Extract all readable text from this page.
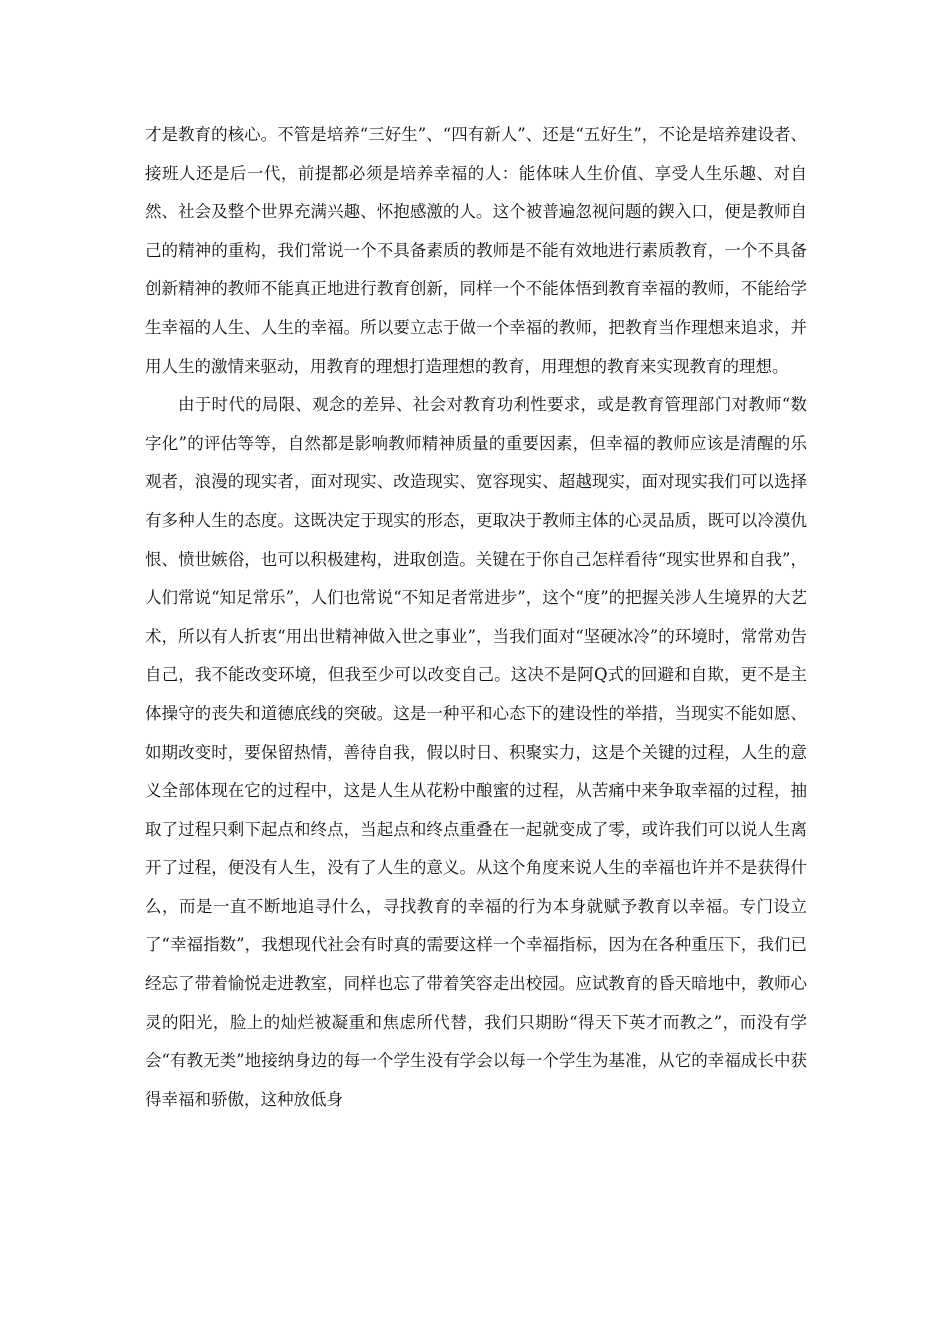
才是教育的核心。不管是培养“三好生”、“四有新人”、还是“五好生”，不论是培养建设者、接班人还是后一代，前提都必须是培养幸福的人：能体味人生价值、享受人生乐趣、对自然、社会及整个世界充满兴趣、怀抱感激的人。这个被普遍忽视问题的鍥入口，便是教师自己的精神的重构，我们常说一个不具备素质的教师是不能有效地进行素质教育，一个不具备创新精神的教师不能真正地进行教育创新，同样一个不能体悟到教育幸福的教师，不能给学生幸福的人生、人生的幸福。所以要立志于做一个幸福的教师，把教育当作理想来追求，并用人生的激情来驱动，用教育的理想打造理想的教育，用理想的教育来实现教育的理想。

由于时代的局限、观念的差异、社会对教育功利性要求，或是教育管理部门对教师“数字化”的评估等等，自然都是影响教师精神质量的重要因素，但幸福的教师应该是清醒的乐观者，浪漫的现实者，面对现实、改造现实、宽容现实、超越现实，面对现实我们可以选择有多种人生的态度。这既决定于现实的形态，更取决于教师主体的心灵品质，既可以冷漠仇恨、愤世嫉俗，也可以积极建构，进取创造。关键在于你自己怎样看待“现实世界和自我”，人们常说“知足常乐”，人们也常说“不知足者常进步”，这个“度”的把握关涉人生境界的大艺术，所以有人折衷“用出世精神做入世之事业”，当我们面对“坚硬冰冷”的环境时，常常劝告自己，我不能改变环境，但我至少可以改变自己。这决不是阿Q式的回避和自欺，更不是主体操守的丧失和道德底线的突破。这是一种平和心态下的建设性的举措，当现实不能如愿、如期改变时，要保留热情，善待自我，假以时日、积聚实力，这是个关键的过程，人生的意义全部体现在它的过程中，这是人生从花粉中酿蜜的过程，从苦痛中来争取幸福的过程，抽取了过程只剩下起点和终点，当起点和终点重叠在一起就变成了零，或许我们可以说人生离开了过程，便没有人生，没有了人生的意义。从这个角度来说人生的幸福也许并不是获得什么，而是一直不断地追寻什么，寻找教育的幸福的行为本身就赋予教育以幸福。专门设立了“幸福指数”，我想现代社会有时真的需要这样一个幸福指标，因为在各种重压下，我们已经忘了带着愉悦走进教室，同样也忘了带着笑容走出校园。应试教育的昏天暗地中，教师心灵的阳光，脸上的灿烂被凝重和焦虑所代替，我们只期盼“得天下英才而教之”，而没有学会“有教无类”地接纳身边的每一个学生没有学会以每一个学生为基准，从它的幸福成长中获得幸福和骄傲，这种放低身
